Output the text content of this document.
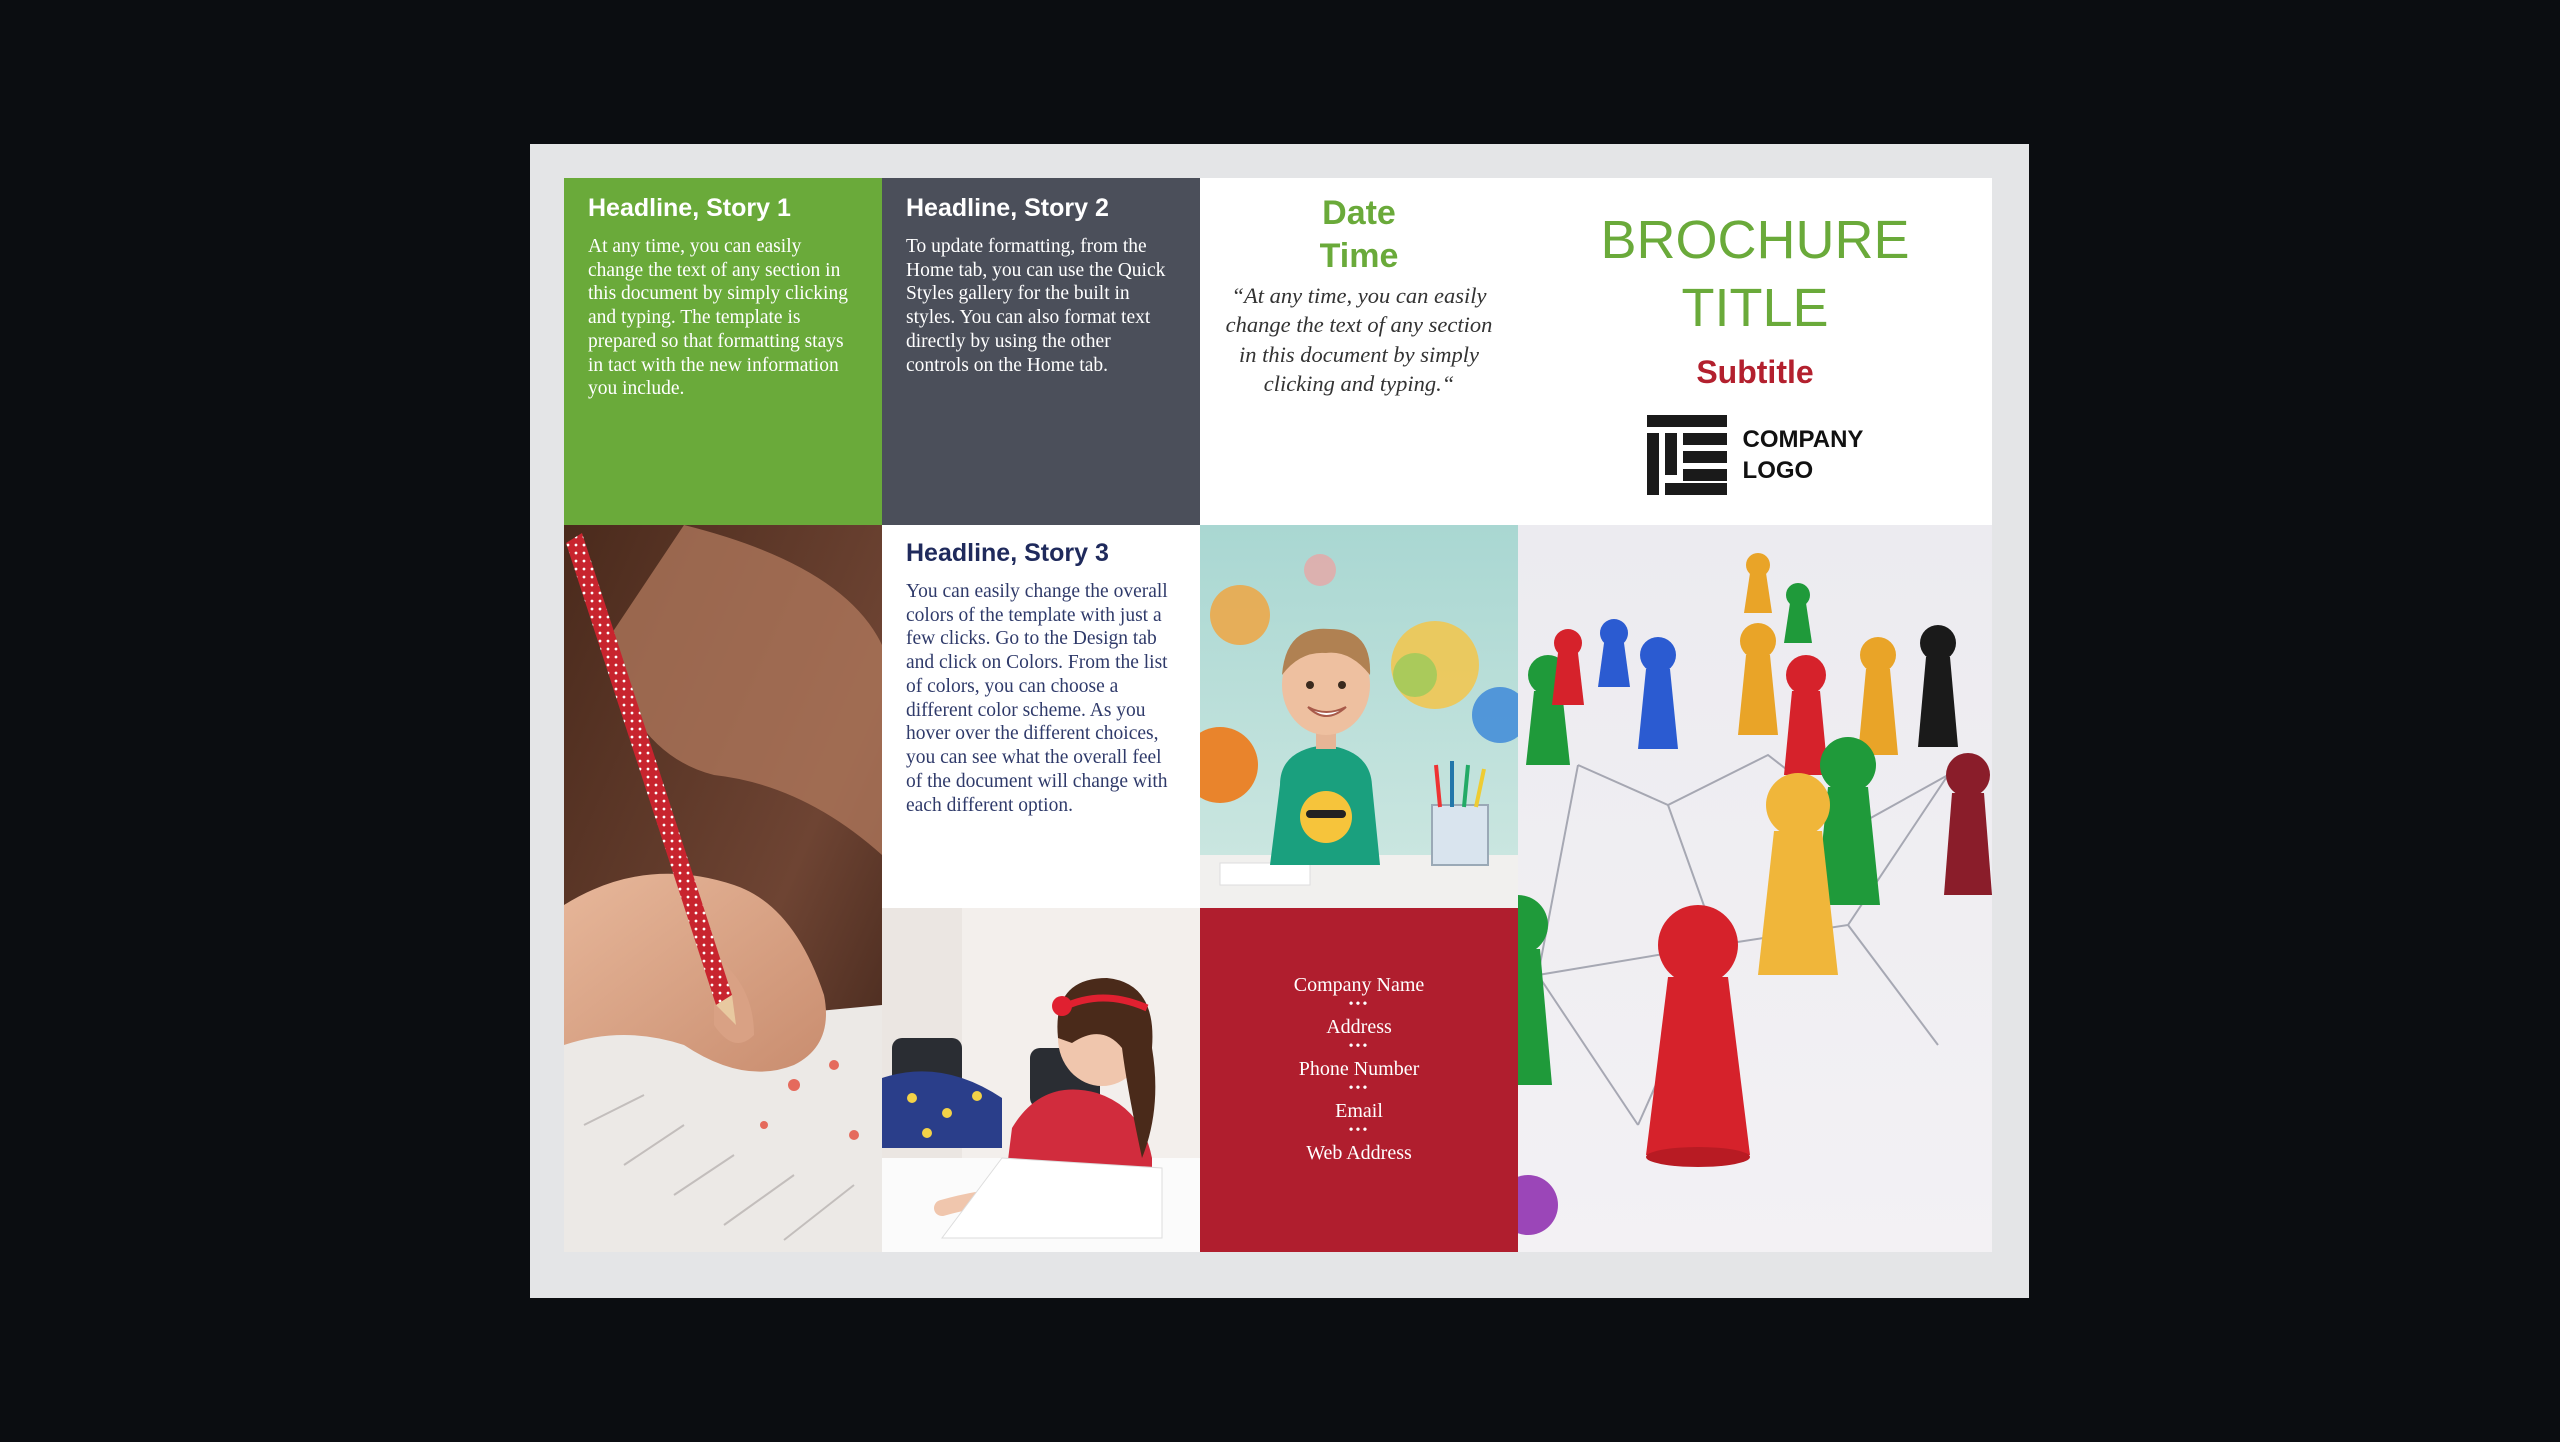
Headline, Story 1

At any time, you can easily change the text of any section in this document by simply clicking and typing. The template is prepared so that formatting stays in tact with the new information you include.

Headline, Story 2

To update formatting, from the Home tab, you can use the Quick Styles gallery for the built in styles. You can also format text directly by using the other controls on the Home tab.

Date
Time
“At any time, you can easily change the text of any section in this document by simply clicking and typing.“
BROCHURE
TITLE
Subtitle
COMPANY
LOGO

Headline, Story 3

You can easily change the overall colors of the template with just a few clicks. Go to the Design tab and click on Colors. From the list of colors, you can choose a different color scheme. As you hover over the different choices, you can see what the overall feel of the document will change with each different option.

Company Name
•••
Address
•••
Phone Number
•••
Email
•••
Web Address
